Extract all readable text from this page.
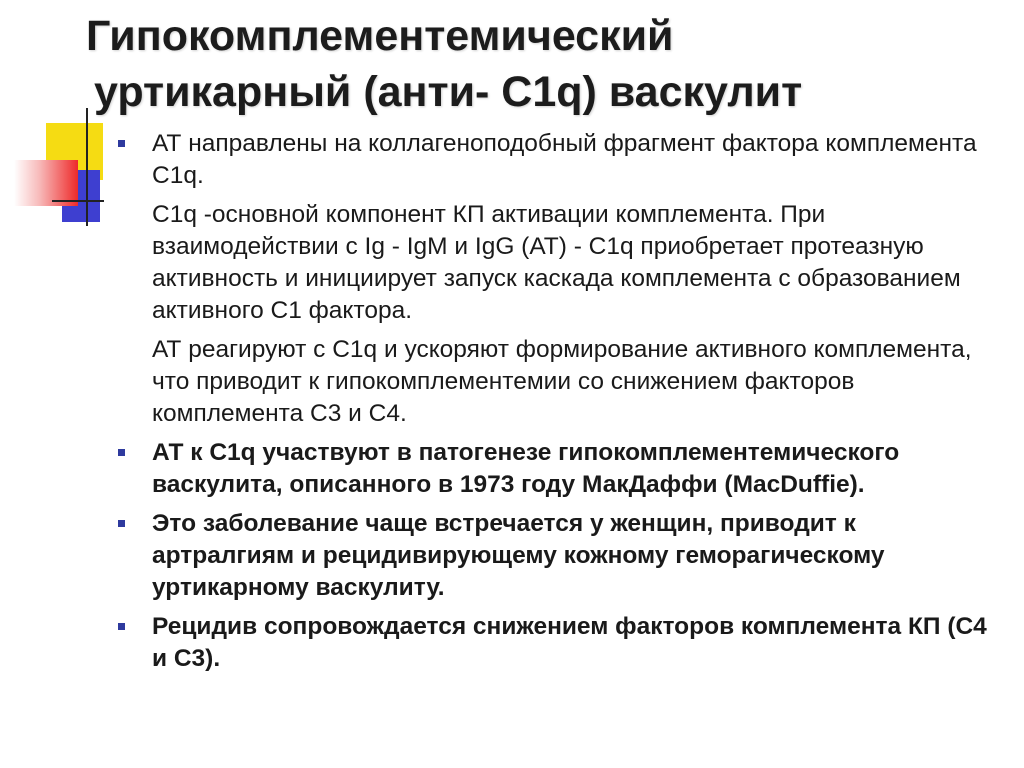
Гипокомплементемический
уртикарный (анти- C1q) васкулит
АТ направлены на коллагеноподобный фрагмент фактора комплемента C1q.
С1q -основной компонент КП активации комплемента. При взаимодействии с Ig - IgM и IgG (АТ) - С1q приобретает протеазную активность и инициирует запуск каскада комплемента с образованием активного С1 фактора.
АТ реагируют с С1q и ускоряют формирование активного комплемента, что приводит к гипокомплементемии со снижением факторов комплемента С3 и С4.
АТ к С1q участвуют в патогенезе гипокомплементемического васкулита, описанного в 1973 году МакДаффи (MacDuffie).
Это заболевание чаще встречается у женщин, приводит к артралгиям и рецидивирующему кожному геморагическому уртикарному васкулиту.
Рецидив сопровождается снижением факторов комплемента КП (С4 и С3).
